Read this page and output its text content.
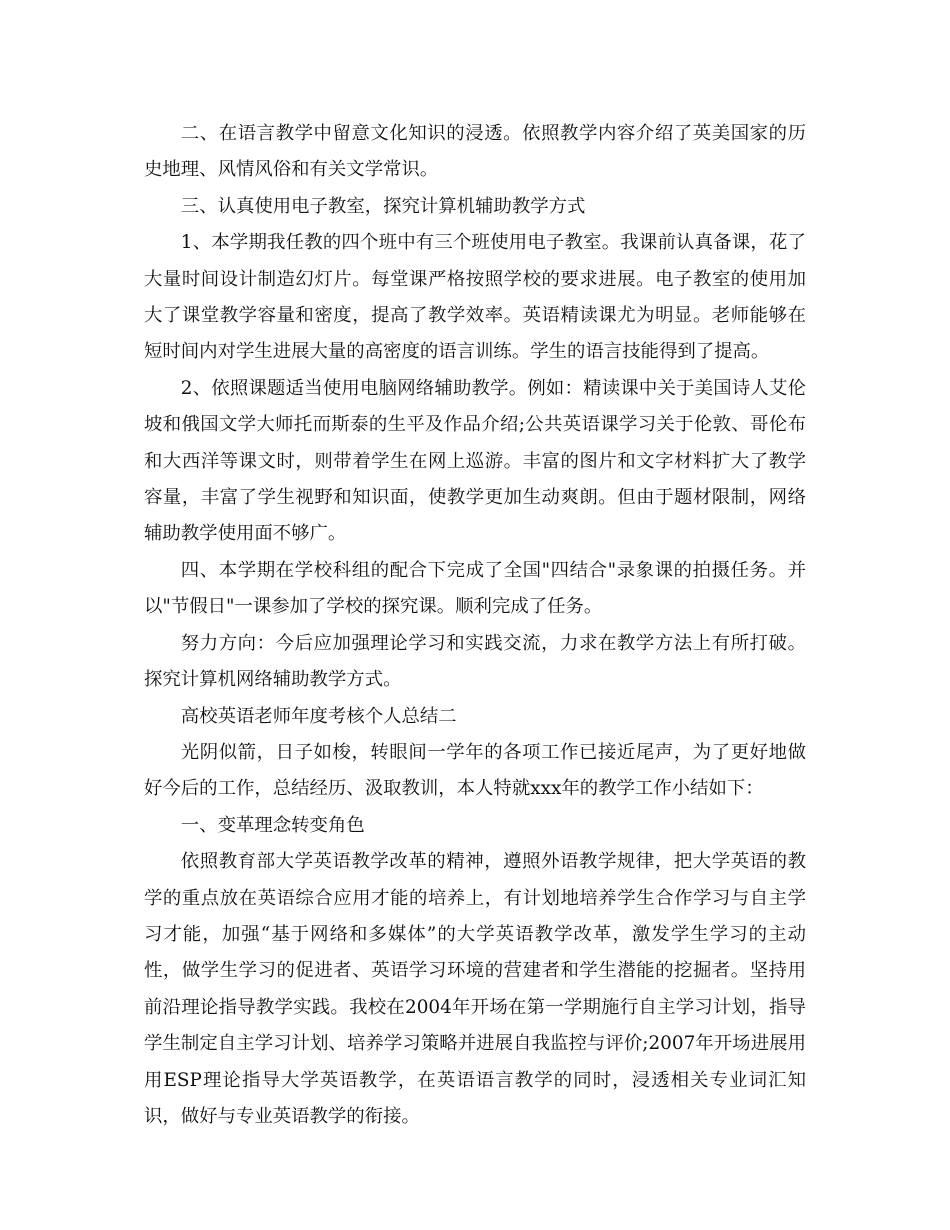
二、在语言教学中留意文化知识的浸透。依照教学内容介绍了英美国家的历史地理、风情风俗和有关文学常识。

三、认真使用电子教室，探究计算机辅助教学方式

1、本学期我任教的四个班中有三个班使用电子教室。我课前认真备课，花了大量时间设计制造幻灯片。每堂课严格按照学校的要求进展。电子教室的使用加大了课堂教学容量和密度，提高了教学效率。英语精读课尤为明显。老师能够在短时间内对学生进展大量的高密度的语言训练。学生的语言技能得到了提高。

2、依照课题适当使用电脑网络辅助教学。例如：精读课中关于美国诗人艾伦坡和俄国文学大师托而斯泰的生平及作品介绍;公共英语课学习关于伦敦、哥伦布和大西洋等课文时，则带着学生在网上巡游。丰富的图片和文字材料扩大了教学容量，丰富了学生视野和知识面，使教学更加生动爽朗。但由于题材限制，网络辅助教学使用面不够广。

四、本学期在学校科组的配合下完成了全国"四结合"录象课的拍摄任务。并以"节假日"一课参加了学校的探究课。顺利完成了任务。

努力方向：今后应加强理论学习和实践交流，力求在教学方法上有所打破。探究计算机网络辅助教学方式。

高校英语老师年度考核个人总结二

光阴似箭，日子如梭，转眼间一学年的各项工作已接近尾声，为了更好地做好今后的工作，总结经历、汲取教训，本人特就xxx年的教学工作小结如下：

一、变革理念转变角色

依照教育部大学英语教学改革的精神，遵照外语教学规律，把大学英语的教学的重点放在英语综合应用才能的培养上，有计划地培养学生合作学习与自主学习才能，加强“基于网络和多媒体”的大学英语教学改革，激发学生学习的主动性，做学生学习的促进者、英语学习环境的营建者和学生潜能的挖掘者。坚持用前沿理论指导教学实践。我校在2004年开场在第一学期施行自主学习计划，指导学生制定自主学习计划、培养学习策略并进展自我监控与评价;2007年开场进展用用ESP理论指导大学英语教学，在英语语言教学的同时，浸透相关专业词汇知识，做好与专业英语教学的衔接。
